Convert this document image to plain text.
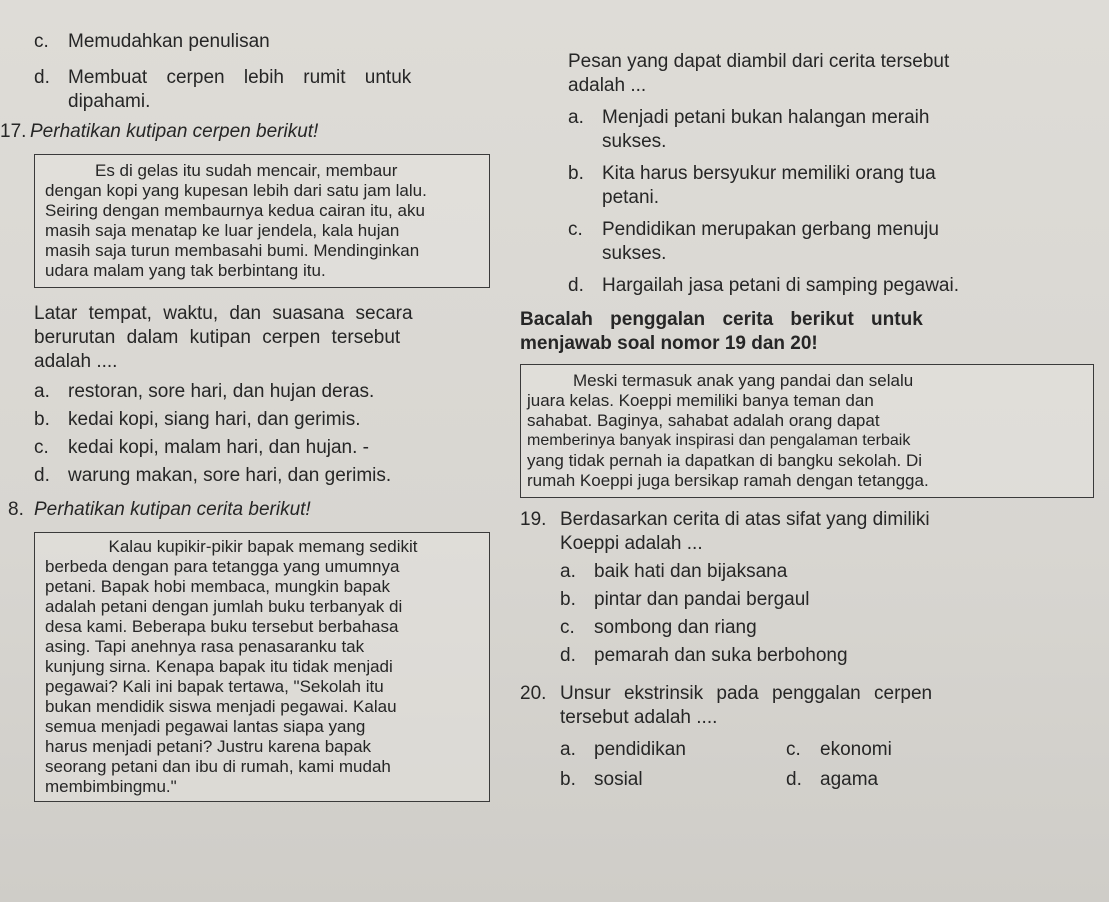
c.	Memudahkan penulisan
d. Membuat cerpen lebih rumit untuk
dipahami.
17. Perhatikan kutipan cerpen berikut!
Es di gelas itu sudah mencair, membaur
dengan kopi yang kupesan lebih dari satu jam lalu.
Seiring dengan membaurnya kedua cairan itu, aku
masih saja menatap ke luar jendela, kala hujan
masih saja turun membasahi bumi. Mendinginkan
udara malam yang tak berbintang itu.
Latar tempat, waktu, dan suasana secara
berurutan dalam kutipan cerpen tersebut
adalah ....
a. restoran, sore hari, dan hujan deras.
b. kedai kopi, siang hari, dan gerimis.
c.	kedai kopi, malam hari, dan hujan. -
d. warung makan, sore hari, dan gerimis.
8. Perhatikan kutipan cerita berikut!
Kalau kupikir-pikir bapak memang sedikit
berbeda dengan para tetangga yang umumnya
petani. Bapak hobi membaca, mungkin bapak
adalah petani dengan jumlah buku terbanyak di
desa kami. Beberapa buku tersebut berbahasa
asing. Tapi anehnya rasa penasaranku tak
kunjung sirna. Kenapa bapak itu tidak menjadi
pegawai? Kali ini bapak tertawa, "Sekolah itu
bukan mendidik siswa menjadi pegawai. Kalau
semua menjadi pegawai lantas siapa yang
harus menjadi petani? Justru karena bapak
seorang petani dan ibu di rumah, kami mudah
membimbingmu."
Pesan yang dapat diambil dari cerita tersebut
adalah ...
a. Menjadi petani bukan halangan meraih
sukses.
b. Kita harus bersyukur memiliki orang tua
petani.
c.	Pendidikan merupakan gerbang menuju
sukses.
d. Hargailah jasa petani di samping pegawai.
Bacalah penggalan cerita berikut untuk
menjawab soal nomor 19 dan 20!
Meski termasuk anak yang pandai dan selalu
juara kelas. Koeppi memiliki banya teman dan
sahabat. Baginya, sahabat adalah orang dapat
memberinya banyak inspirasi dan pengalaman terbaik
yang tidak pernah ia dapatkan di bangku sekolah. Di
rumah Koeppi juga bersikap ramah dengan tetangga.
19. Berdasarkan cerita di atas sifat yang dimiliki
Koeppi adalah ...
a. baik hati dan bijaksana
b. pintar dan pandai bergaul
c.	sombong dan riang
d. pemarah dan suka berbohong
20. Unsur ekstrinsik pada penggalan cerpen
tersebut adalah ....
a. pendidikan	c.	ekonomi
b. sosial	d. agama
